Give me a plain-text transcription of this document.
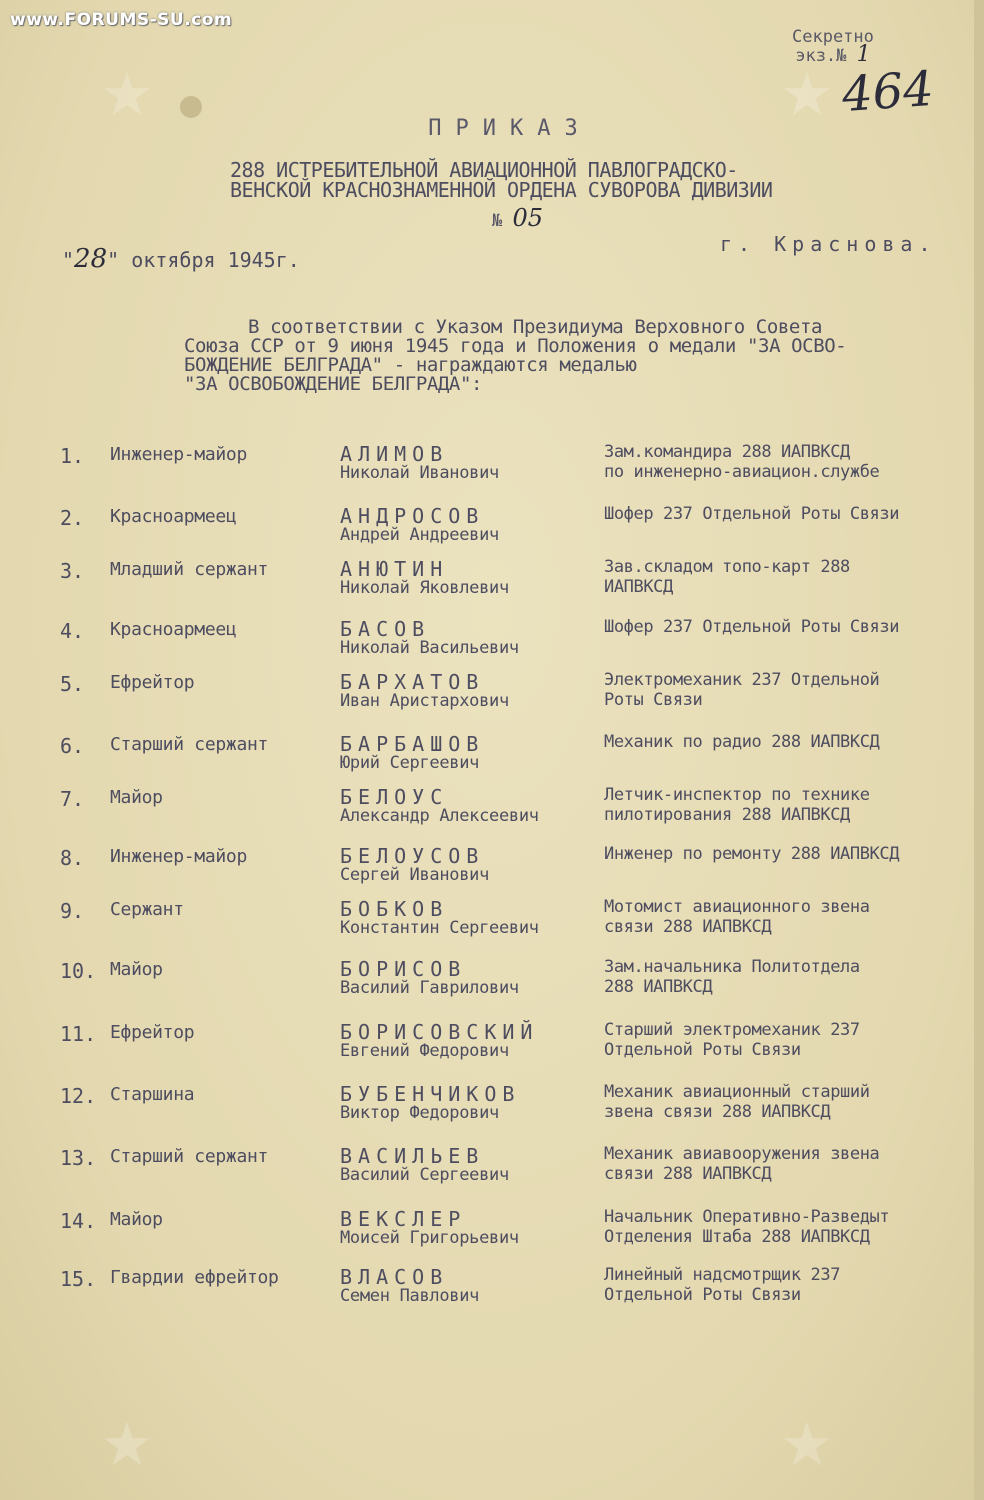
www.FORUMS-SU.com
★	★
★	★
Секретно
экз.№ 1
464
ПРИКАЗ
288 ИСТРЕБИТЕЛЬНОЙ АВИАЦИОННОЙ ПАВЛОГРАДСКО-
ВЕНСКОЙ КРАСНОЗНАМЕННОЙ ОРДЕНА СУВОРОВА ДИВИЗИИ
№ 05
"28" октября 1945г.
г. Краснова.
В соответствии с Указом Президиума Верховного Совета
Союза ССР от 9 июня 1945 года и Положения о медали "ЗА ОСВО-
БОЖДЕНИЕ БЕЛГРАДА" - награждаются медалью
"ЗА ОСВОБОЖДЕНИЕ БЕЛГРАДА":
1. Инженер-майор	АЛИМОВ
Николай Иванович
Зам.командира 288 ИАПВКСД
по инженерно-авиацион.службе
2. Красноармеец	АНДРОСОВ
Андрей Андреевич
Шофер 237 Отдельной Роты Связи
3. Младший сержант	АНЮТИН
Николай Яковлевич
Зав.складом топо-карт 288
ИАПВКСД
4. Красноармеец	БАСОВ
Николай Васильевич
Шофер 237 Отдельной Роты Связи
5. Ефрейтор	БАРХАТОВ
Иван Аристархович
Электромеханик 237 Отдельной
Роты Связи
6. Старший сержант	БАРБАШОВ
Юрий Сергеевич
Механик по радио 288 ИАПВКСД
7. Майор	БЕЛОУС
Александр Алексеевич
Летчик-инспектор по технике
пилотирования 288 ИАПВКСД
8. Инженер-майор	БЕЛОУСОВ
Сергей Иванович
Инженер по ремонту 288 ИАПВКСД
9. Сержант	БОБКОВ
Константин Сергеевич
Мотомист авиационного звена
связи 288 ИАПВКСД
10. Майор	БОРИСОВ
Василий Гаврилович
Зам.начальника Политотдела
288 ИАПВКСД
11. Ефрейтор	БОРИСОВСКИЙ
Евгений Федорович
Старший электромеханик 237
Отдельной Роты Связи
12. Старшина	БУБЕНЧИКОВ
Виктор Федорович
Механик авиационный старший
звена связи 288 ИАПВКСД
13. Старший сержант	ВАСИЛЬЕВ
Василий Сергеевич
Механик авиавооружения звена
связи 288 ИАПВКСД
14. Майор	ВЕКСЛЕР
Моисей Григорьевич
Начальник Оперативно-Разведыт
Отделения Штаба 288 ИАПВКСД
15. Гвардии ефрейтор	ВЛАСОВ
Семен Павлович
Линейный надсмотрщик 237
Отдельной Роты Связи
